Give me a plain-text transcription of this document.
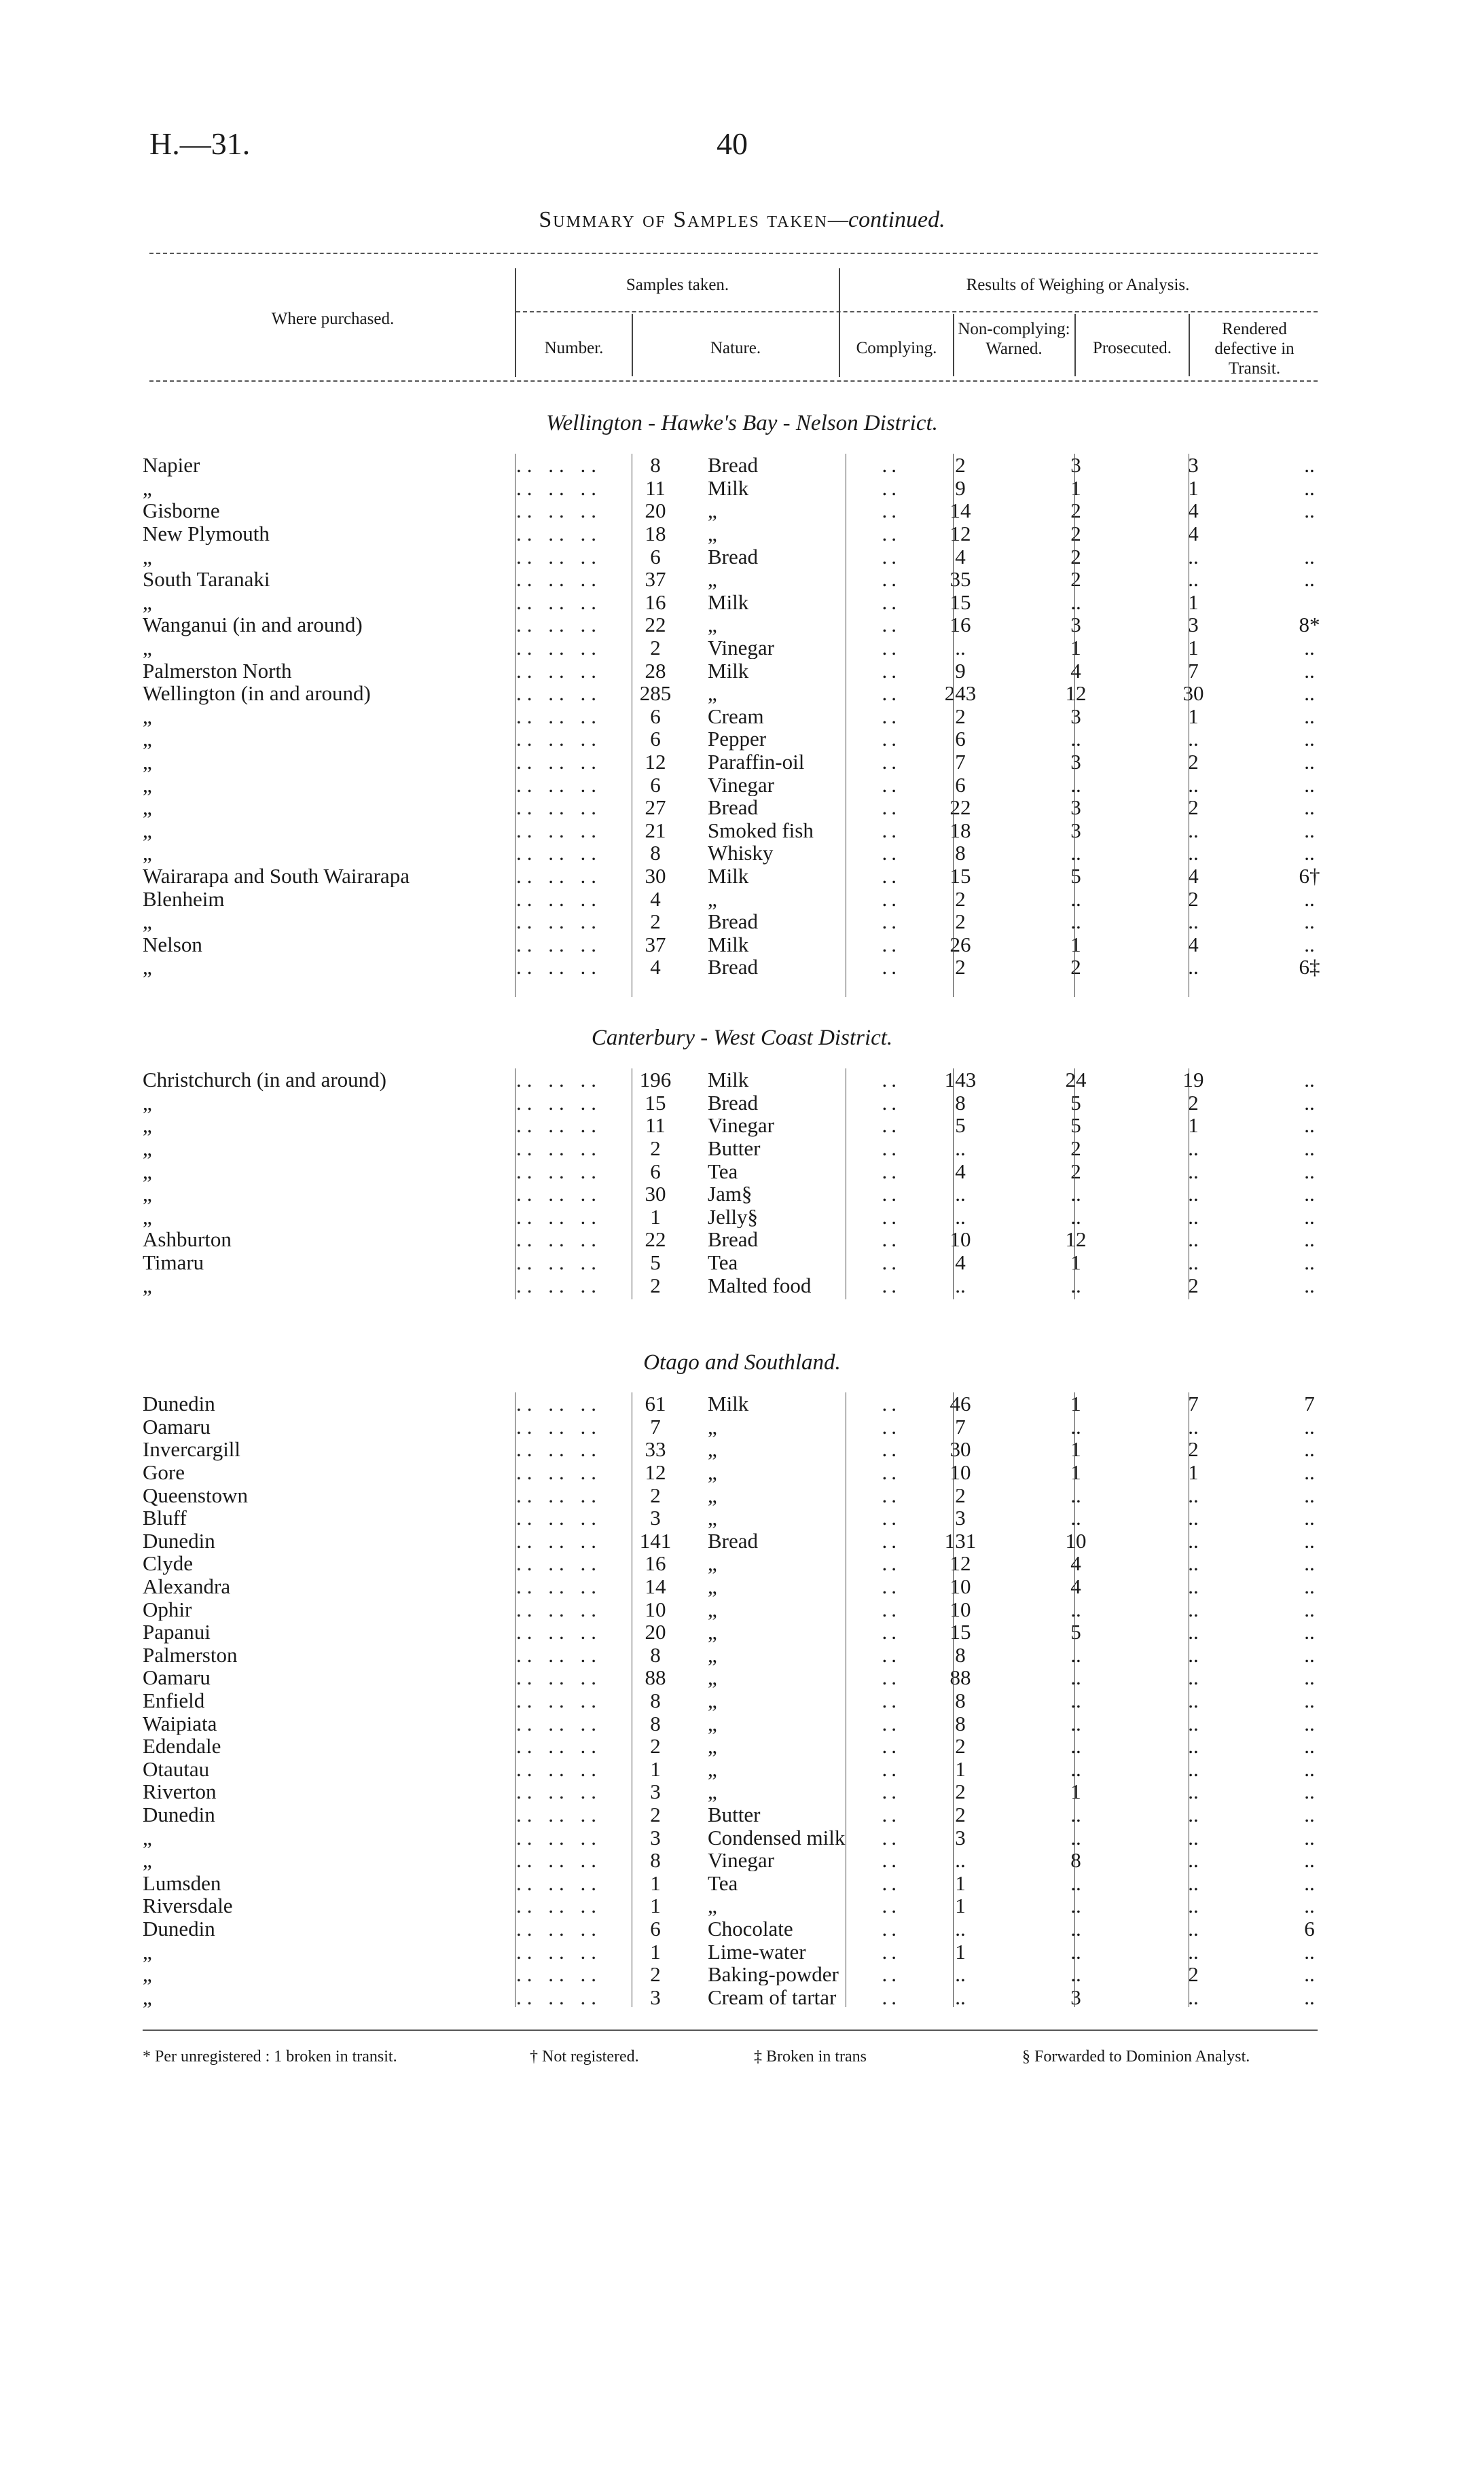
H.—31.	40
Summary of Samples taken—continued.
Where purchased.
Samples taken.	Results of Weighing or Analysis.
Number.	Nature.	Complying.
Non-complying: Warned.	Prosecuted.
Rendered defective in Transit.
Wellington - Hawke's Bay - Nelson District.
Napier	.. .. ..	8	Bread	..	2	3	3	..
„	.. .. ..	11	Milk	..	9	1	1	..
Gisborne	.. .. ..	20	„	..	14	2	4	..
New Plymouth	.. .. ..	18	„	..	12	2	4	
„	.. .. ..	6	Bread	..	4	2	..	..
South Taranaki	.. .. ..	37	„	..	35	2	..	..
„	.. .. ..	16	Milk	..	15	..	1	
Wanganui (in and around)	.. .. ..	22	„	..	16	3	3	8*
„	.. .. ..	2	Vinegar	..	..	1	1	..
Palmerston North	.. .. ..	28	Milk	..	9	4	7	..
Wellington (in and around)	.. .. ..	285	„	..	243	12	30	..
„	.. .. ..	6	Cream	..	2	3	1	..
„	.. .. ..	6	Pepper	..	6	..	..	..
„	.. .. ..	12	Paraffin-oil	..	7	3	2	..
„	.. .. ..	6	Vinegar	..	6	..	..	..
„	.. .. ..	27	Bread	..	22	3	2	..
„	.. .. ..	21	Smoked fish	..	18	3	..	..
„	.. .. ..	8	Whisky	..	8	..	..	..
Wairarapa and South Wairarapa	.. .. ..	30	Milk	..	15	5	4	6†
Blenheim	.. .. ..	4	„	..	2	..	2	..
„	.. .. ..	2	Bread	..	2	..	..	..
Nelson	.. .. ..	37	Milk	..	26	1	4	..
„	.. .. ..	4	Bread	..	2	2	..	6‡
Canterbury - West Coast District.
Christchurch (in and around)	.. .. ..	196	Milk	..	143	24	19	..
„	.. .. ..	15	Bread	..	8	5	2	..
„	.. .. ..	11	Vinegar	..	5	5	1	..
„	.. .. ..	2	Butter	..	..	2	..	..
„	.. .. ..	6	Tea	..	4	2	..	..
„	.. .. ..	30	Jam§	..	..	..	..	..
„	.. .. ..	1	Jelly§	..	..	..	..	..
Ashburton	.. .. ..	22	Bread	..	10	12	..	..
Timaru	.. .. ..	5	Tea	..	4	1	..	..
„	.. .. ..	2	Malted food	..	..	..	2	..
Otago and Southland.
Dunedin	.. .. ..	61	Milk	..	46	1	7	7
Oamaru	.. .. ..	7	„	..	7	..	..	..
Invercargill	.. .. ..	33	„	..	30	1	2	..
Gore	.. .. ..	12	„	..	10	1	1	..
Queenstown	.. .. ..	2	„	..	2	..	..	..
Bluff	.. .. ..	3	„	..	3	..	..	..
Dunedin	.. .. ..	141	Bread	..	131	10	..	..
Clyde	.. .. ..	16	„	..	12	4	..	..
Alexandra	.. .. ..	14	„	..	10	4	..	..
Ophir	.. .. ..	10	„	..	10	..	..	..
Papanui	.. .. ..	20	„	..	15	5	..	..
Palmerston	.. .. ..	8	„	..	8	..	..	..
Oamaru	.. .. ..	88	„	..	88	..	..	..
Enfield	.. .. ..	8	„	..	8	..	..	..
Waipiata	.. .. ..	8	„	..	8	..	..	..
Edendale	.. .. ..	2	„	..	2	..	..	..
Otautau	.. .. ..	1	„	..	1	..	..	..
Riverton	.. .. ..	3	„	..	2	1	..	..
Dunedin	.. .. ..	2	Butter	..	2	..	..	..
„	.. .. ..	3	Condensed milk	..	3	..	..	..
„	.. .. ..	8	Vinegar	..	..	8	..	..
Lumsden	.. .. ..	1	Tea	..	1	..	..	..
Riversdale	.. .. ..	1	„	..	1	..	..	..
Dunedin	.. .. ..	6	Chocolate	..	..	..	..	6
„	.. .. ..	1	Lime-water	..	1	..	..	..
„	.. .. ..	2	Baking-powder	..	..	..	2	..
„	.. .. ..	3	Cream of tartar	..	..	3	..	..
* Per unregistered : 1 broken in transit.	† Not registered.	‡ Broken in trans	§ Forwarded to Dominion Analyst.
